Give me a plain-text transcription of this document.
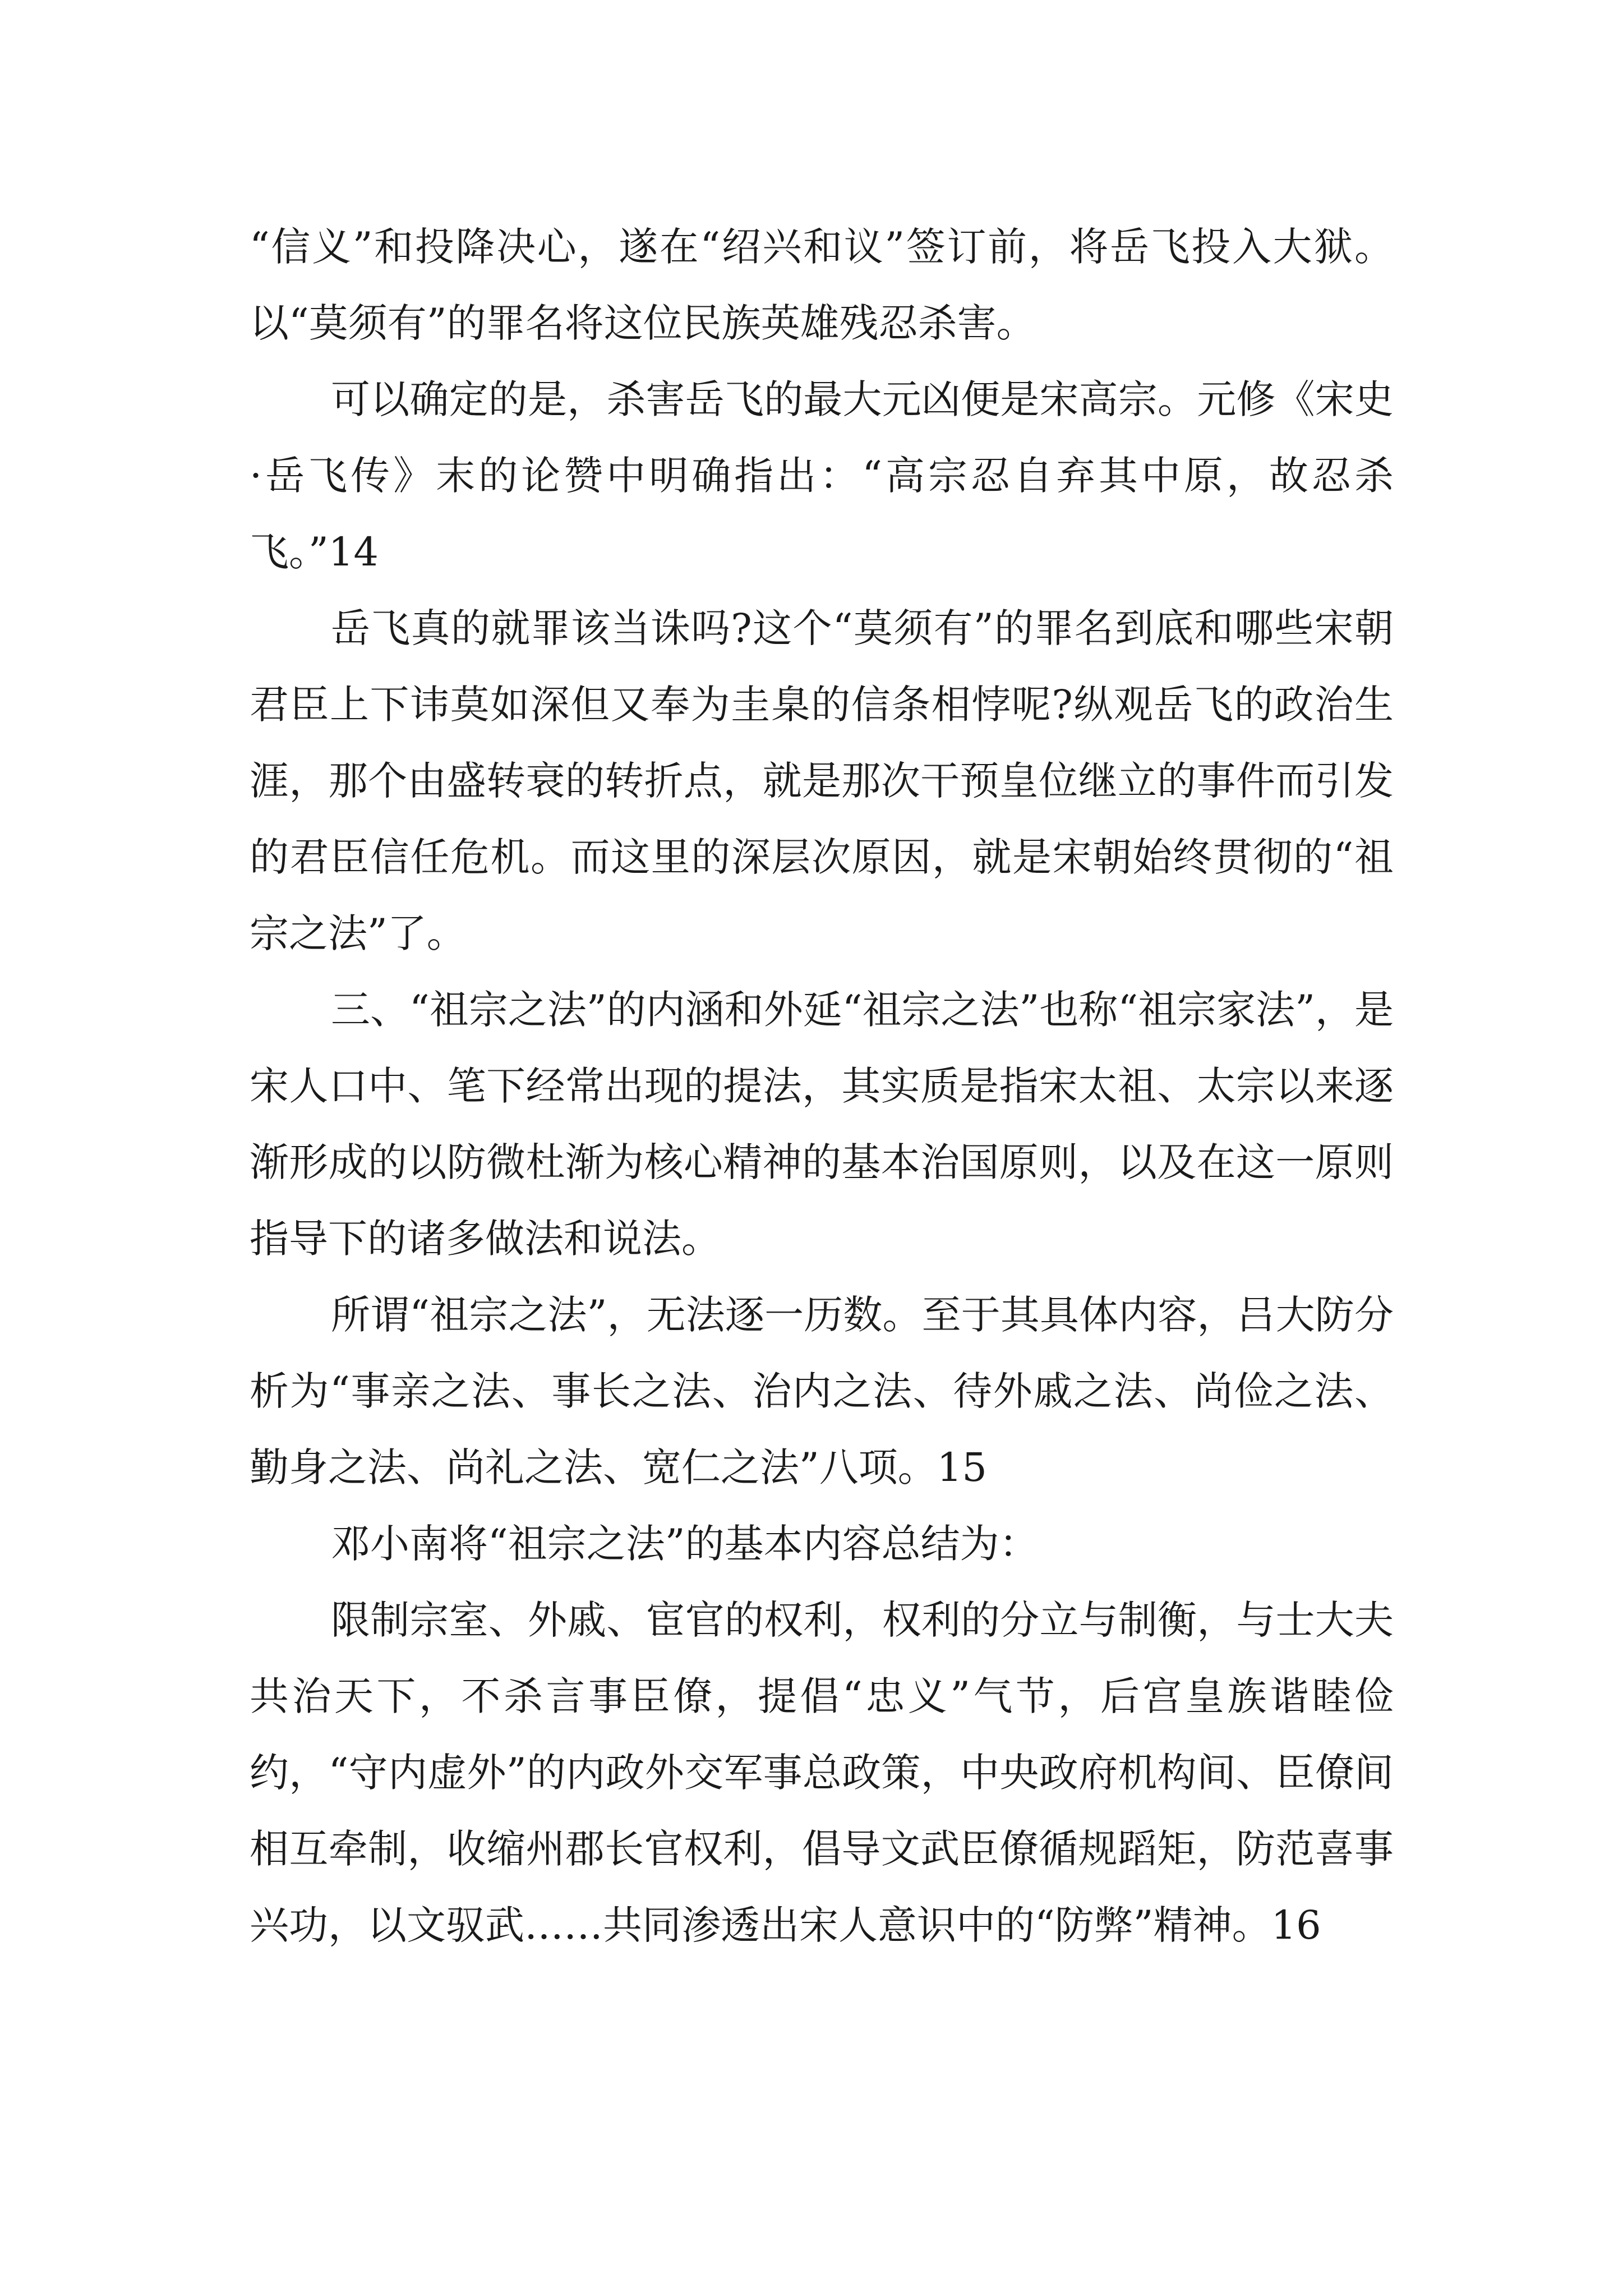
“信义”和投降决心，遂在“绍兴和议”签订前，将岳飞投入大狱。以“莫须有”的罪名将这位民族英雄残忍杀害。

可以确定的是，杀害岳飞的最大元凶便是宋高宗。元修《宋史·岳飞传》末的论赞中明确指出：“高宗忍自弃其中原，故忍杀飞。”14

岳飞真的就罪该当诛吗?这个“莫须有”的罪名到底和哪些宋朝君臣上下讳莫如深但又奉为圭臬的信条相悖呢?纵观岳飞的政治生涯，那个由盛转衰的转折点，就是那次干预皇位继立的事件而引发的君臣信任危机。而这里的深层次原因，就是宋朝始终贯彻的“祖宗之法”了。

三、“祖宗之法”的内涵和外延“祖宗之法”也称“祖宗家法”，是宋人口中、笔下经常出现的提法，其实质是指宋太祖、太宗以来逐渐形成的以防微杜渐为核心精神的基本治国原则，以及在这一原则指导下的诸多做法和说法。

所谓“祖宗之法”，无法逐一历数。至于其具体内容，吕大防分析为“事亲之法、事长之法、治内之法、待外戚之法、尚俭之法、勤身之法、尚礼之法、宽仁之法”八项。15

邓小南将“祖宗之法”的基本内容总结为：

限制宗室、外戚、宦官的权利，权利的分立与制衡，与士大夫共治天下，不杀言事臣僚，提倡“忠义”气节，后宫皇族谐睦俭约，“守内虚外”的内政外交军事总政策，中央政府机构间、臣僚间相互牵制，收缩州郡长官权利，倡导文武臣僚循规蹈矩，防范喜事兴功，以文驭武……共同渗透出宋人意识中的“防弊”精神。16
